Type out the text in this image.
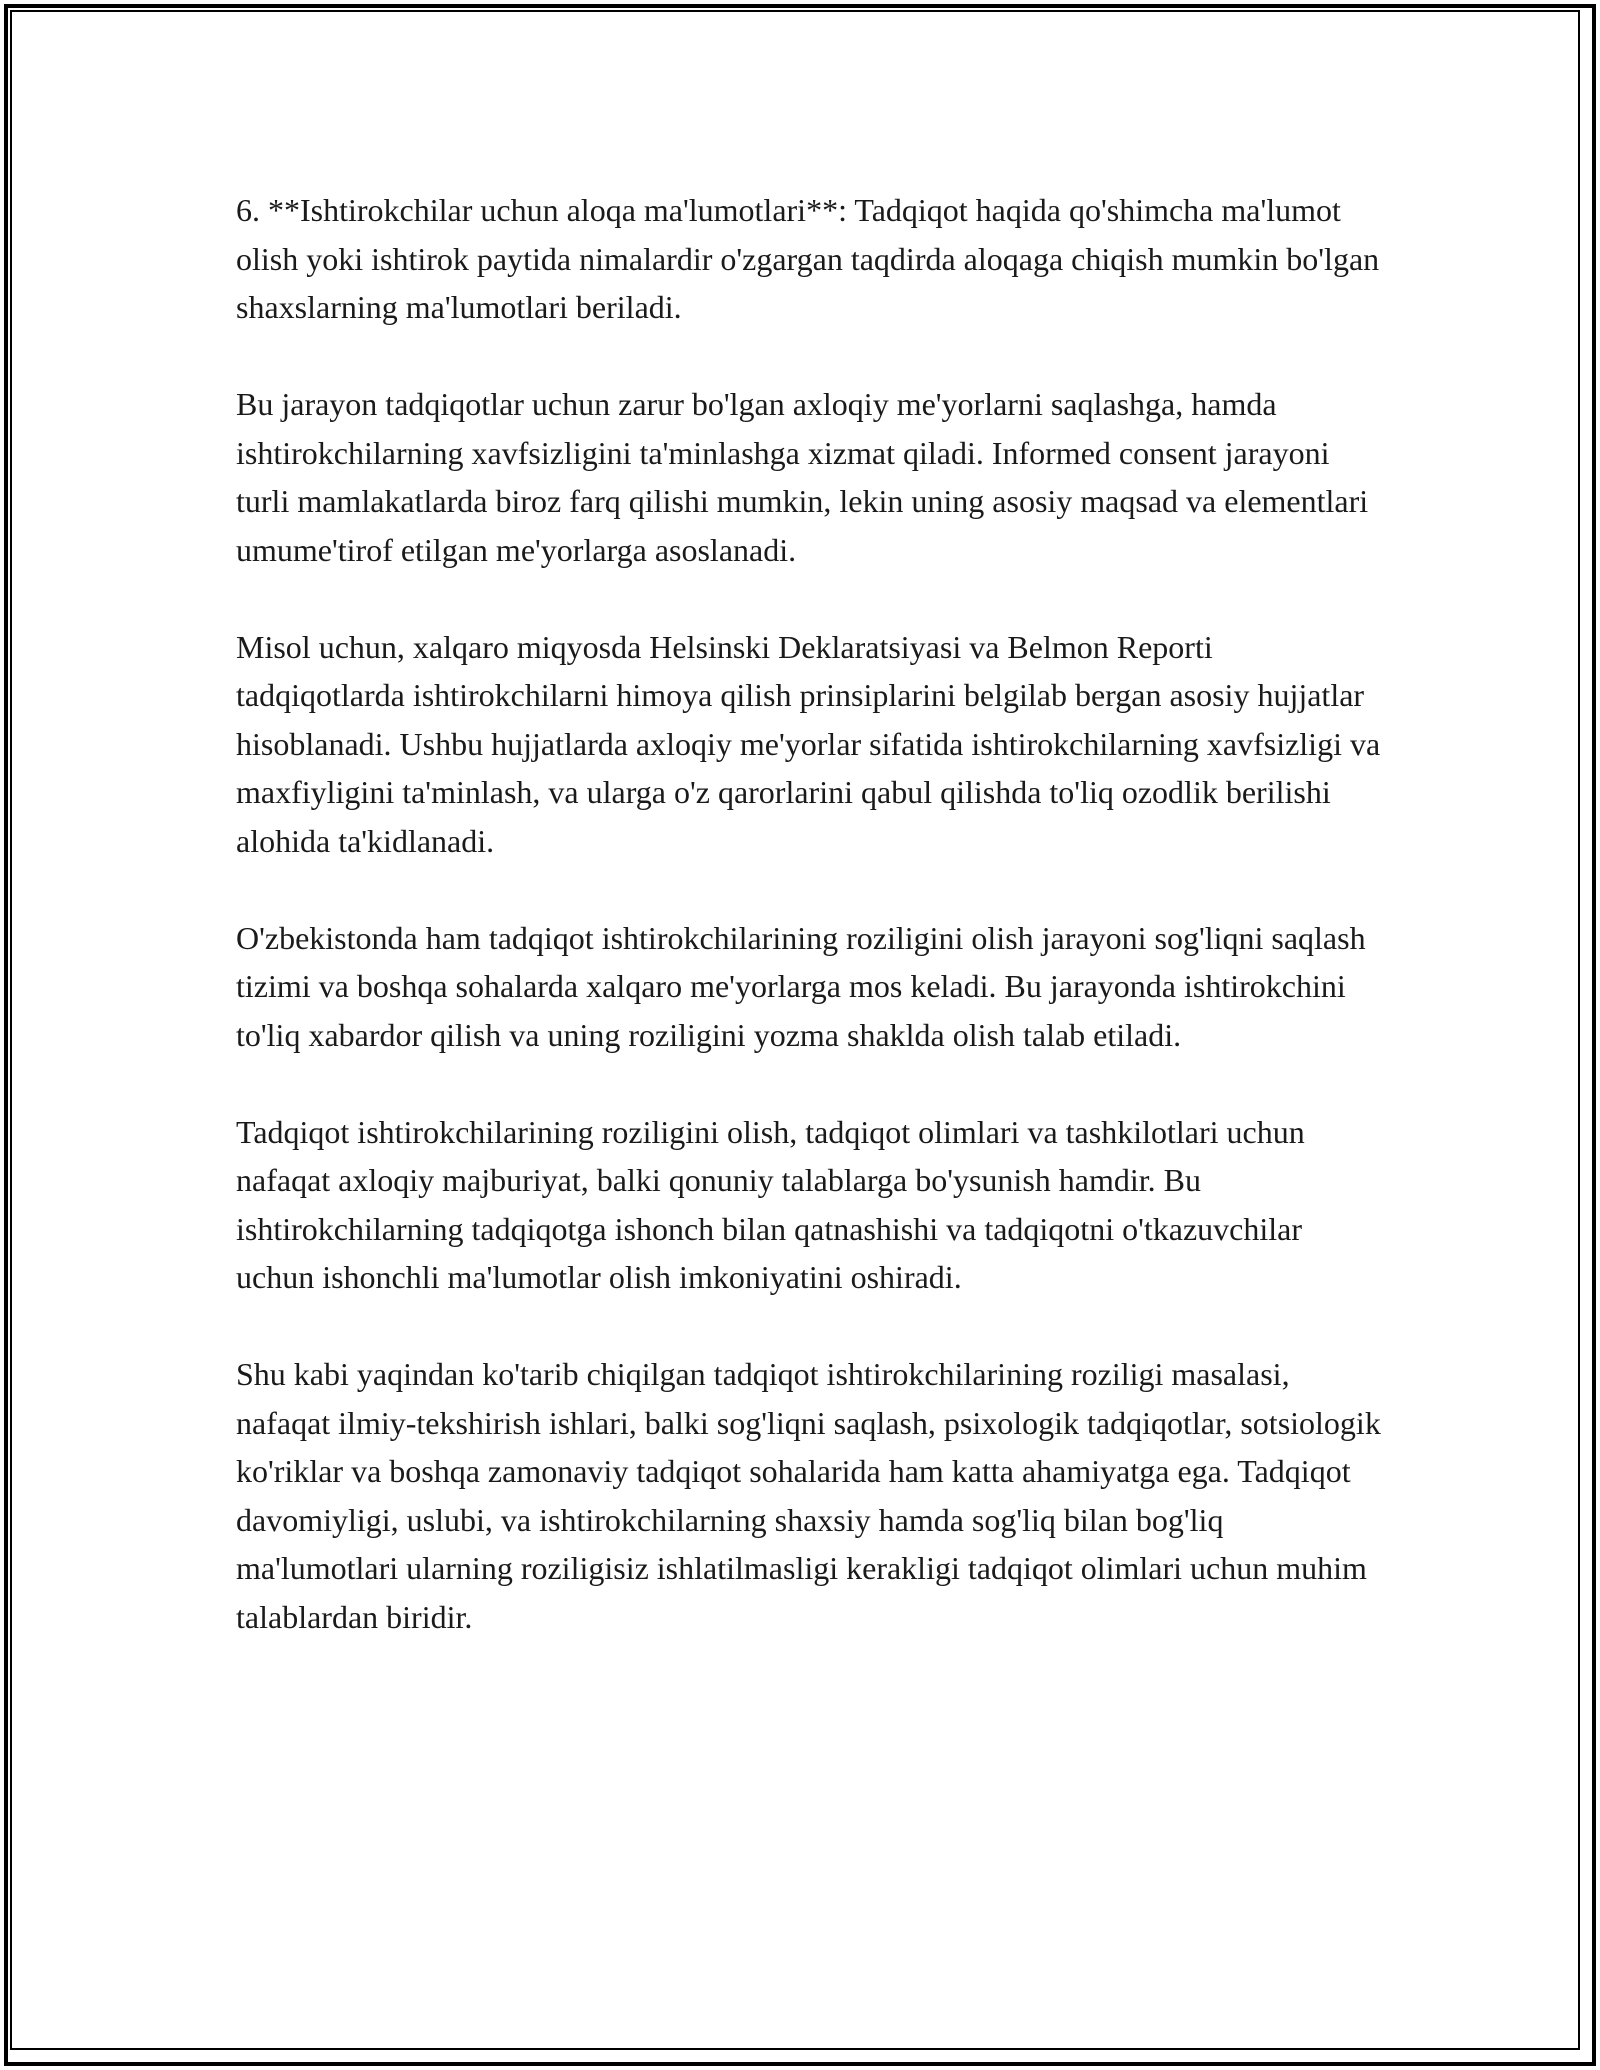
6. **Ishtirokchilar uchun aloqa ma'lumotlari**: Tadqiqot haqida qo'shimcha ma'lumot olish yoki ishtirok paytida nimalardir o'zgargan taqdirda aloqaga chiqish mumkin bo'lgan shaxslarning ma'lumotlari beriladi.

Bu jarayon tadqiqotlar uchun zarur bo'lgan axloqiy me'yorlarni saqlashga, hamda ishtirokchilarning xavfsizligini ta'minlashga xizmat qiladi. Informed consent jarayoni turli mamlakatlarda biroz farq qilishi mumkin, lekin uning asosiy maqsad va elementlari umume'tirof etilgan me'yorlarga asoslanadi.

Misol uchun, xalqaro miqyosda Helsinski Deklaratsiyasi va Belmon Reporti tadqiqotlarda ishtirokchilarni himoya qilish prinsiplarini belgilab bergan asosiy hujjatlar hisoblanadi. Ushbu hujjatlarda axloqiy me'yorlar sifatida ishtirokchilarning xavfsizligi va maxfiyligini ta'minlash, va ularga o'z qarorlarini qabul qilishda to'liq ozodlik berilishi alohida ta'kidlanadi.

O'zbekistonda ham tadqiqot ishtirokchilarining roziligini olish jarayoni sog'liqni saqlash tizimi va boshqa sohalarda xalqaro me'yorlarga mos keladi. Bu jarayonda ishtirokchini to'liq xabardor qilish va uning roziligini yozma shaklda olish talab etiladi.

Tadqiqot ishtirokchilarining roziligini olish, tadqiqot olimlari va tashkilotlari uchun nafaqat axloqiy majburiyat, balki qonuniy talablarga bo'ysunish hamdir. Bu ishtirokchilarning tadqiqotga ishonch bilan qatnashishi va tadqiqotni o'tkazuvchilar uchun ishonchli ma'lumotlar olish imkoniyatini oshiradi.

Shu kabi yaqindan ko'tarib chiqilgan tadqiqot ishtirokchilarining roziligi masalasi, nafaqat ilmiy-tekshirish ishlari, balki sog'liqni saqlash, psixologik tadqiqotlar, sotsiologik ko'riklar va boshqa zamonaviy tadqiqot sohalarida ham katta ahamiyatga ega. Tadqiqot davomiyligi, uslubi, va ishtirokchilarning shaxsiy hamda sog'liq bilan bog'liq ma'lumotlari ularning roziligisiz ishlatilmasligi kerakligi tadqiqot olimlari uchun muhim talablardan biridir.
